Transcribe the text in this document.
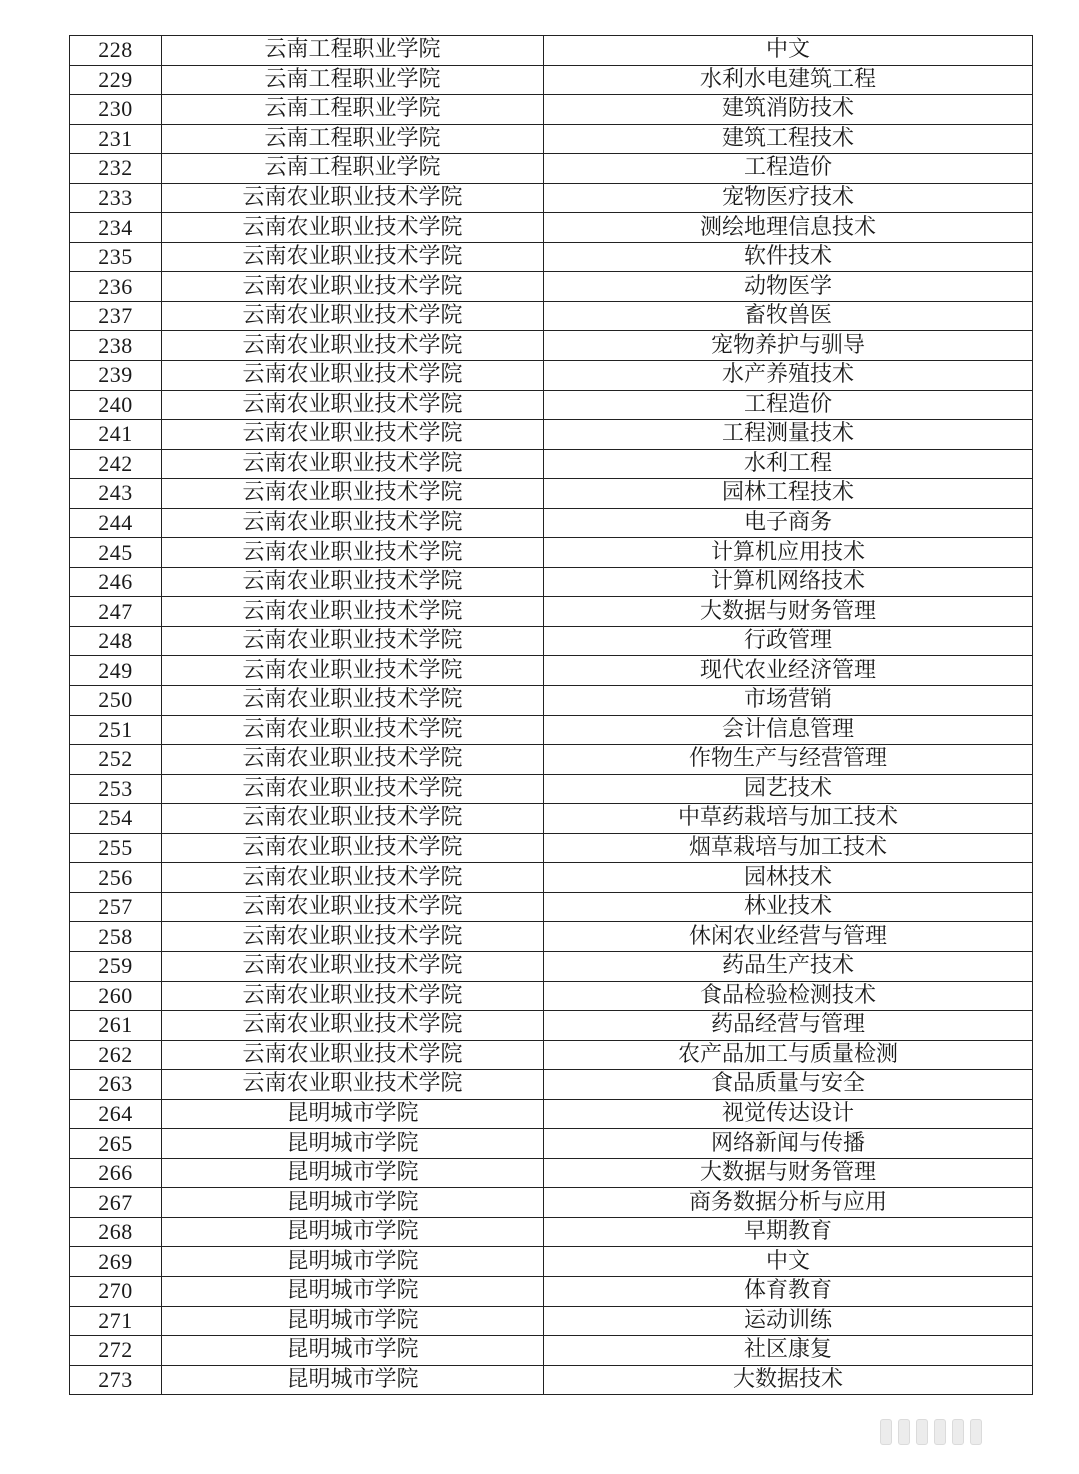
228	云南工程职业学院	中文
229	云南工程职业学院	水利水电建筑工程
230	云南工程职业学院	建筑消防技术
231	云南工程职业学院	建筑工程技术
232	云南工程职业学院	工程造价
233	云南农业职业技术学院	宠物医疗技术
234	云南农业职业技术学院	测绘地理信息技术
235	云南农业职业技术学院	软件技术
236	云南农业职业技术学院	动物医学
237	云南农业职业技术学院	畜牧兽医
238	云南农业职业技术学院	宠物养护与驯导
239	云南农业职业技术学院	水产养殖技术
240	云南农业职业技术学院	工程造价
241	云南农业职业技术学院	工程测量技术
242	云南农业职业技术学院	水利工程
243	云南农业职业技术学院	园林工程技术
244	云南农业职业技术学院	电子商务
245	云南农业职业技术学院	计算机应用技术
246	云南农业职业技术学院	计算机网络技术
247	云南农业职业技术学院	大数据与财务管理
248	云南农业职业技术学院	行政管理
249	云南农业职业技术学院	现代农业经济管理
250	云南农业职业技术学院	市场营销
251	云南农业职业技术学院	会计信息管理
252	云南农业职业技术学院	作物生产与经营管理
253	云南农业职业技术学院	园艺技术
254	云南农业职业技术学院	中草药栽培与加工技术
255	云南农业职业技术学院	烟草栽培与加工技术
256	云南农业职业技术学院	园林技术
257	云南农业职业技术学院	林业技术
258	云南农业职业技术学院	休闲农业经营与管理
259	云南农业职业技术学院	药品生产技术
260	云南农业职业技术学院	食品检验检测技术
261	云南农业职业技术学院	药品经营与管理
262	云南农业职业技术学院	农产品加工与质量检测
263	云南农业职业技术学院	食品质量与安全
264	昆明城市学院	视觉传达设计
265	昆明城市学院	网络新闻与传播
266	昆明城市学院	大数据与财务管理
267	昆明城市学院	商务数据分析与应用
268	昆明城市学院	早期教育
269	昆明城市学院	中文
270	昆明城市学院	体育教育
271	昆明城市学院	运动训练
272	昆明城市学院	社区康复
273	昆明城市学院	大数据技术
